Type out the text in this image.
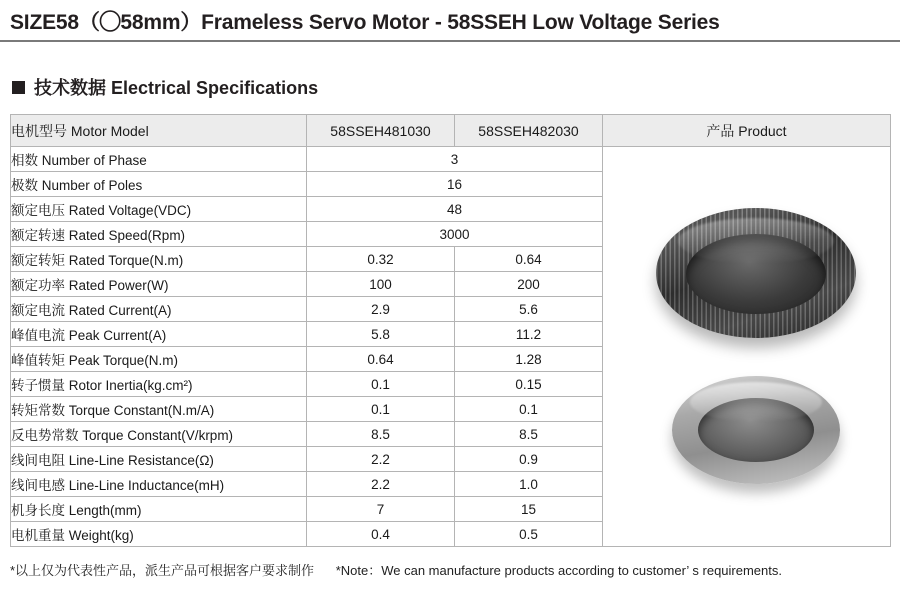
SIZE58（◯58mm）Frameless Servo Motor - 58SSEH Low Voltage Series
技术数据 Electrical Specifications
电机型号 Motor Model	58SSEH481030	58SSEH482030	产品 Product
相数 Number of Phase	3		
极数 Number of Poles	16		
额定电压 Rated Voltage(VDC)	48		
额定转速 Rated Speed(Rpm)	3000		
额定转矩 Rated Torque(N.m)	0.32	0.64	
额定功率 Rated Power(W)	100	200	
额定电流 Rated Current(A)	2.9	5.6	
峰值电流 Peak Current(A)	5.8	11.2	
峰值转矩 Peak Torque(N.m)	0.64	1.28	
转子惯量 Rotor Inertia(kg.cm²)	0.1	0.15	
转矩常数 Torque Constant(N.m/A)	0.1	0.1	
反电势常数 Torque Constant(V/krpm)	8.5	8.5	
线间电阻 Line-Line Resistance(Ω)	2.2	0.9	
线间电感 Line-Line Inductance(mH)	2.2	1.0	
机身长度 Length(mm)	7	15	
电机重量 Weight(kg)	0.4	0.5	
*以上仅为代表性产品，派生产品可根据客户要求制作 *Note：We can manufacture products according to customer’ s requirements.
